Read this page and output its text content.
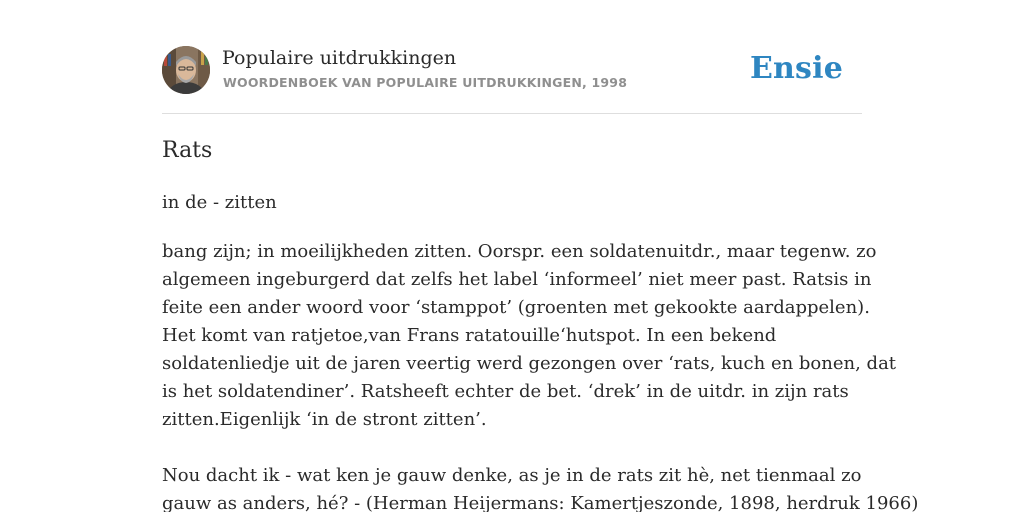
Populaire uitdrukkingen
WOORDENBOEK VAN POPULAIRE UITDRUKKINGEN, 1998	Ensie
Rats
in de - zitten

bang zijn; in moeilijkheden zitten. Oorspr. een soldatenuitdr., maar tegenw. zo

algemeen ingeburgerd dat zelfs het label ‘informeel’ niet meer past. Ratsis in

feite een ander woord voor ‘stamppot’ (groenten met gekookte aardappelen).

Het komt van ratjetoe,van Frans ratatouille‘hutspot. In een bekend

soldatenliedje uit de jaren veertig werd gezongen over ‘rats, kuch en bonen, dat

is het soldatendiner’. Ratsheeft echter de bet. ‘drek’ in de uitdr. in zijn rats

zitten.Eigenlijk ‘in de stront zitten’.

Nou dacht ik - wat ken je gauw denke, as je in de rats zit hè, net tienmaal zo

gauw as anders, hé? - (Herman Heijermans: Kamertjeszonde, 1898, herdruk 1966)
